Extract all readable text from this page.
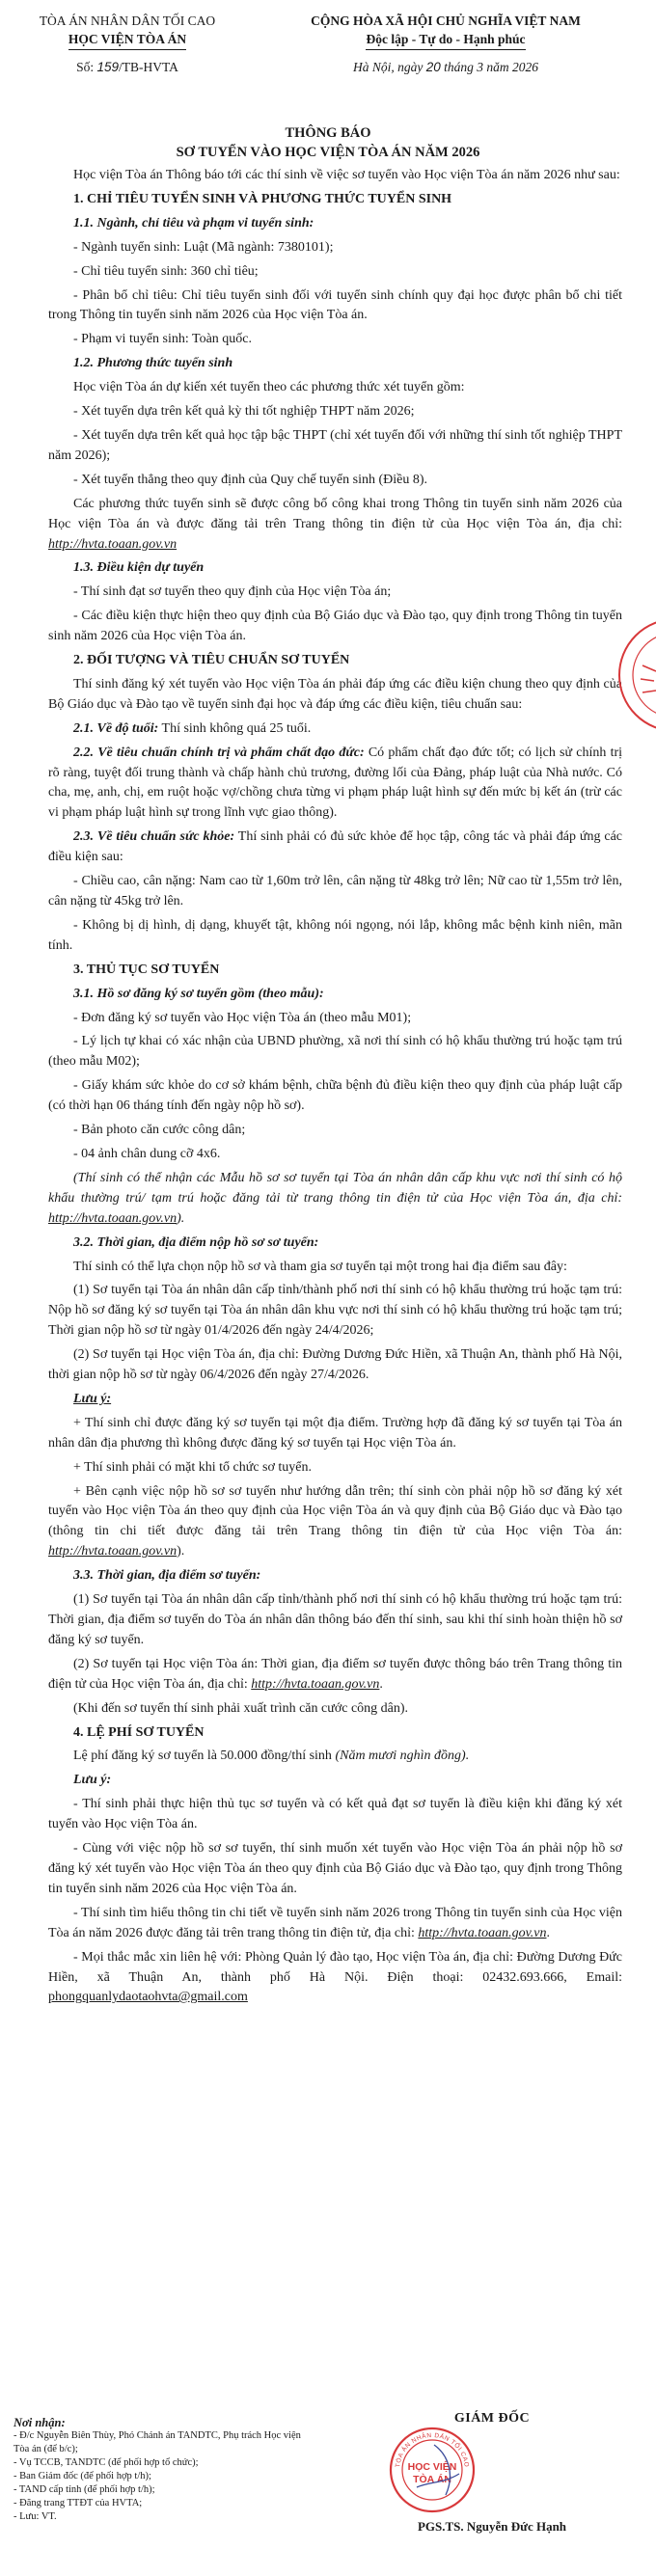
TÒA ÁN NHÂN DÂN TỐI CAO
HỌC VIỆN TÒA ÁN
Số: 159/TB-HVTA
CỘNG HÒA XÃ HỘI CHỦ NGHĨA VIỆT NAM
Độc lập - Tự do - Hạnh phúc
Hà Nội, ngày 20 tháng 3 năm 2026
THÔNG BÁO
SƠ TUYỂN VÀO HỌC VIỆN TÒA ÁN NĂM 2026

Học viện Tòa án Thông báo tới các thí sinh về việc sơ tuyển vào Học viện Tòa án năm 2026 như sau:

1. CHỈ TIÊU TUYỂN SINH VÀ PHƯƠNG THỨC TUYỂN SINH

1.1. Ngành, chỉ tiêu và phạm vi tuyển sinh:

- Ngành tuyển sinh: Luật (Mã ngành: 7380101);

- Chỉ tiêu tuyển sinh: 360 chỉ tiêu;

- Phân bổ chỉ tiêu: Chỉ tiêu tuyển sinh đối với tuyển sinh chính quy đại học được phân bổ chi tiết trong Thông tin tuyển sinh năm 2026 của Học viện Tòa án.

- Phạm vi tuyển sinh: Toàn quốc.

1.2. Phương thức tuyển sinh

Học viện Tòa án dự kiến xét tuyển theo các phương thức xét tuyển gồm:

- Xét tuyển dựa trên kết quả kỳ thi tốt nghiệp THPT năm 2026;

- Xét tuyển dựa trên kết quả học tập bậc THPT (chỉ xét tuyển đối với những thí sinh tốt nghiệp THPT năm 2026);

- Xét tuyển thẳng theo quy định của Quy chế tuyển sinh (Điều 8).

Các phương thức tuyển sinh sẽ được công bố công khai trong Thông tin tuyển sinh năm 2026 của Học viện Tòa án và được đăng tải trên Trang thông tin điện tử của Học viện Tòa án, địa chỉ: http://hvta.toaan.gov.vn

1.3. Điều kiện dự tuyển

- Thí sinh đạt sơ tuyển theo quy định của Học viện Tòa án;

- Các điều kiện thực hiện theo quy định của Bộ Giáo dục và Đào tạo, quy định trong Thông tin tuyển sinh năm 2026 của Học viện Tòa án.

2. ĐỐI TƯỢNG VÀ TIÊU CHUẨN SƠ TUYỂN

Thí sinh đăng ký xét tuyển vào Học viện Tòa án phải đáp ứng các điều kiện chung theo quy định của Bộ Giáo dục và Đào tạo về tuyển sinh đại học và đáp ứng các điều kiện, tiêu chuẩn sau:

2.1. Về độ tuổi: Thí sinh không quá 25 tuổi.

2.2. Về tiêu chuẩn chính trị và phẩm chất đạo đức: Có phẩm chất đạo đức tốt; có lịch sử chính trị rõ ràng, tuyệt đối trung thành và chấp hành chủ trương, đường lối của Đảng, pháp luật của Nhà nước. Có cha, mẹ, anh, chị, em ruột hoặc vợ/chồng chưa từng vi phạm pháp luật hình sự đến mức bị kết án (trừ các vi phạm pháp luật hình sự trong lĩnh vực giao thông).

2.3. Về tiêu chuẩn sức khỏe: Thí sinh phải có đủ sức khỏe để học tập, công tác và phải đáp ứng các điều kiện sau:

- Chiều cao, cân nặng: Nam cao từ 1,60m trở lên, cân nặng từ 48kg trở lên; Nữ cao từ 1,55m trở lên, cân nặng từ 45kg trở lên.

- Không bị dị hình, dị dạng, khuyết tật, không nói ngọng, nói lắp, không mắc bệnh kinh niên, mãn tính.

3. THỦ TỤC SƠ TUYỂN

3.1. Hồ sơ đăng ký sơ tuyển gồm (theo mẫu):

- Đơn đăng ký sơ tuyển vào Học viện Tòa án (theo mẫu M01);

- Lý lịch tự khai có xác nhận của UBND phường, xã nơi thí sinh có hộ khẩu thường trú hoặc tạm trú (theo mẫu M02);

- Giấy khám sức khỏe do cơ sở khám bệnh, chữa bệnh đủ điều kiện theo quy định của pháp luật cấp (có thời hạn 06 tháng tính đến ngày nộp hồ sơ).

- Bản photo căn cước công dân;

- 04 ảnh chân dung cỡ 4x6.

(Thí sinh có thể nhận các Mẫu hồ sơ sơ tuyển tại Tòa án nhân dân cấp khu vực nơi thí sinh có hộ khẩu thường trú/ tạm trú hoặc đăng tải từ trang thông tin điện tử của Học viện Tòa án, địa chỉ: http://hvta.toaan.gov.vn).

3.2. Thời gian, địa điểm nộp hồ sơ sơ tuyển:

Thí sinh có thể lựa chọn nộp hồ sơ và tham gia sơ tuyển tại một trong hai địa điểm sau đây:

(1) Sơ tuyển tại Tòa án nhân dân cấp tỉnh/thành phố nơi thí sinh có hộ khẩu thường trú hoặc tạm trú: Nộp hồ sơ đăng ký sơ tuyển tại Tòa án nhân dân khu vực nơi thí sinh có hộ khẩu thường trú hoặc tạm trú; Thời gian nộp hồ sơ từ ngày 01/4/2026 đến ngày 24/4/2026;

(2) Sơ tuyển tại Học viện Tòa án, địa chỉ: Đường Dương Đức Hiền, xã Thuận An, thành phố Hà Nội, thời gian nộp hồ sơ từ ngày 06/4/2026 đến ngày 27/4/2026.

Lưu ý:

+ Thí sinh chỉ được đăng ký sơ tuyển tại một địa điểm. Trường hợp đã đăng ký sơ tuyển tại Tòa án nhân dân địa phương thì không được đăng ký sơ tuyển tại Học viện Tòa án.

+ Thí sinh phải có mặt khi tổ chức sơ tuyển.

+ Bên cạnh việc nộp hồ sơ sơ tuyển như hướng dẫn trên; thí sinh còn phải nộp hồ sơ đăng ký xét tuyển vào Học viện Tòa án theo quy định của Học viện Tòa án và quy định của Bộ Giáo dục và Đào tạo (thông tin chi tiết được đăng tải trên Trang thông tin điện tử của Học viện Tòa án: http://hvta.toaan.gov.vn).

3.3. Thời gian, địa điểm sơ tuyển:

(1) Sơ tuyển tại Tòa án nhân dân cấp tỉnh/thành phố nơi thí sinh có hộ khẩu thường trú hoặc tạm trú: Thời gian, địa điểm sơ tuyển do Tòa án nhân dân thông báo đến thí sinh, sau khi thí sinh hoàn thiện hồ sơ đăng ký sơ tuyển.

(2) Sơ tuyển tại Học viện Tòa án: Thời gian, địa điểm sơ tuyển được thông báo trên Trang thông tin điện tử của Học viện Tòa án, địa chỉ: http://hvta.toaan.gov.vn.

(Khi đến sơ tuyển thí sinh phải xuất trình căn cước công dân).

4. LỆ PHÍ SƠ TUYỂN

Lệ phí đăng ký sơ tuyển là 50.000 đồng/thí sinh (Năm mươi nghìn đồng).

Lưu ý:

- Thí sinh phải thực hiện thủ tục sơ tuyển và có kết quả đạt sơ tuyển là điều kiện khi đăng ký xét tuyển vào Học viện Tòa án.

- Cùng với việc nộp hồ sơ sơ tuyển, thí sinh muốn xét tuyển vào Học viện Tòa án phải nộp hồ sơ đăng ký xét tuyển vào Học viện Tòa án theo quy định của Bộ Giáo dục và Đào tạo, quy định trong Thông tin tuyển sinh năm 2026 của Học viện Tòa án.

- Thí sinh tìm hiểu thông tin chi tiết về tuyển sinh năm 2026 trong Thông tin tuyển sinh của Học viện Tòa án năm 2026 được đăng tải trên trang thông tin điện tử, địa chỉ: http://hvta.toaan.gov.vn.

- Mọi thắc mắc xin liên hệ với: Phòng Quản lý đào tạo, Học viện Tòa án, địa chỉ: Đường Dương Đức Hiền, xã Thuận An, thành phố Hà Nội. Điện thoại: 02432.693.666, Email: phongquanlydaotaohvta@gmail.com

Nơi nhận:
- Đ/c Nguyễn Biên Thùy, Phó Chánh án TANDTC, Phụ trách Học viện Tòa án (để b/c);
- Vụ TCCB, TANDTC (để phối hợp tổ chức);
- Ban Giám đốc (để phối hợp t/h);
- TAND cấp tỉnh (để phối hợp t/h);
- Đăng trang TTĐT của HVTA;
- Lưu: VT.
GIÁM ĐỐC
PGS.TS. Nguyễn Đức Hạnh
TÒA ÁN NHÂN DÂN TỐI CAO
HỌC VIỆN
TÒA ÁN
